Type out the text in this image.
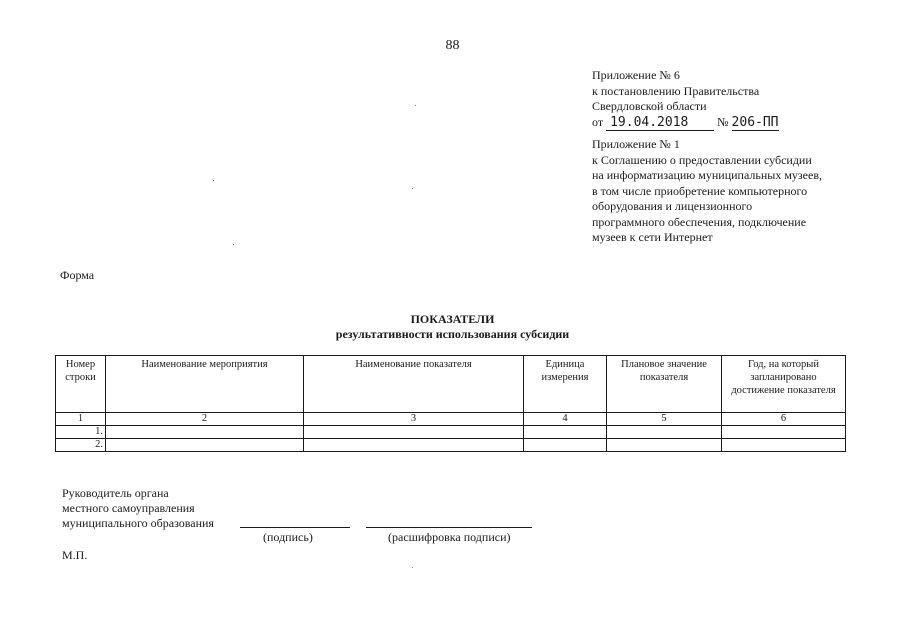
88
Приложение № 6
к постановлению Правительства
Свердловской области
от 19.04.2018 № 206-ПП
Приложение № 1
к Соглашению о предоставлении субсидии
на информатизацию муниципальных музеев,
в том числе приобретение компьютерного
оборудования и лицензионного
программного обеспечения, подключение
музеев к сети Интернет
Форма
ПОКАЗАТЕЛИ
результативности использования субсидии
Номер строки	Наименование мероприятия	Наименование показателя	Единица измерения	Плановое значение показателя	Год, на который запланировано достижение показателя
1	2	3	4	5	6
1.					
2.					
Руководитель органа
местного самоуправления
муниципального образования
(подпись)	(расшифровка подписи)
М.П.
